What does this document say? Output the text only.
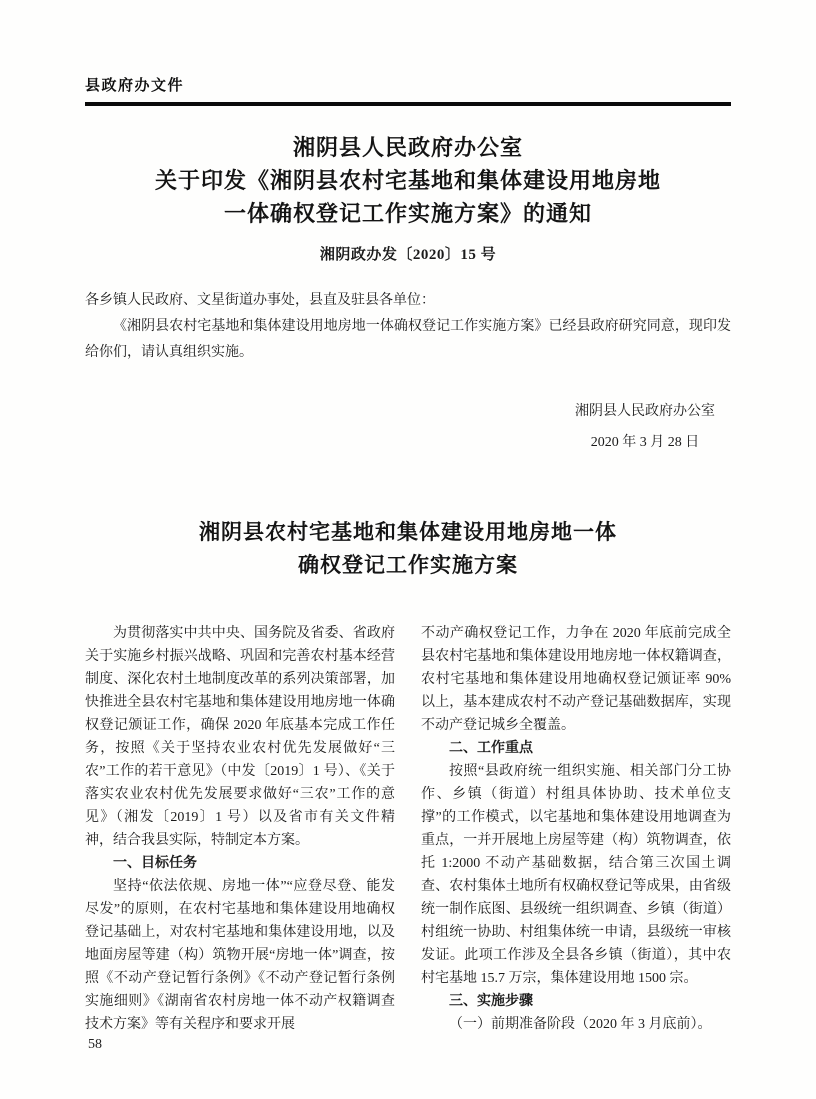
县政府办文件
湘阴县人民政府办公室
关于印发《湘阴县农村宅基地和集体建设用地房地
一体确权登记工作实施方案》的通知
湘阴政办发〔2020〕15 号

各乡镇人民政府、文星街道办事处，县直及驻县各单位：

《湘阴县农村宅基地和集体建设用地房地一体确权登记工作实施方案》已经县政府研究同意，现印发给你们，请认真组织实施。

湘阴县人民政府办公室
2020 年 3 月 28 日
湘阴县农村宅基地和集体建设用地房地一体
确权登记工作实施方案

为贯彻落实中共中央、国务院及省委、省政府关于实施乡村振兴战略、巩固和完善农村基本经营制度、深化农村土地制度改革的系列决策部署，加快推进全县农村宅基地和集体建设用地房地一体确权登记颁证工作，确保 2020 年底基本完成工作任务，按照《关于坚持农业农村优先发展做好“三农”工作的若干意见》（中发〔2019〕1 号）、《关于落实农业农村优先发展要求做好“三农”工作的意见》（湘发〔2019〕1 号）以及省市有关文件精神，结合我县实际，特制定本方案。

一、目标任务

坚持“依法依规、房地一体”“应登尽登、能发尽发”的原则，在农村宅基地和集体建设用地确权登记基础上，对农村宅基地和集体建设用地，以及地面房屋等建（构）筑物开展“房地一体”调查，按照《不动产登记暂行条例》《不动产登记暂行条例实施细则》《湖南省农村房地一体不动产权籍调查技术方案》等有关程序和要求开展

不动产确权登记工作，力争在 2020 年底前完成全县农村宅基地和集体建设用地房地一体权籍调查，农村宅基地和集体建设用地确权登记颁证率 90% 以上，基本建成农村不动产登记基础数据库，实现不动产登记城乡全覆盖。

二、工作重点

按照“县政府统一组织实施、相关部门分工协作、乡镇（街道）村组具体协助、技术单位支撑”的工作模式，以宅基地和集体建设用地调查为重点，一并开展地上房屋等建（构）筑物调查，依托 1:2000 不动产基础数据，结合第三次国土调查、农村集体土地所有权确权登记等成果，由省级统一制作底图、县级统一组织调查、乡镇（街道）村组统一协助、村组集体统一申请，县级统一审核发证。此项工作涉及全县各乡镇（街道），其中农村宅基地 15.7 万宗，集体建设用地 1500 宗。

三、实施步骤

（一）前期准备阶段（2020 年 3 月底前）。

58
